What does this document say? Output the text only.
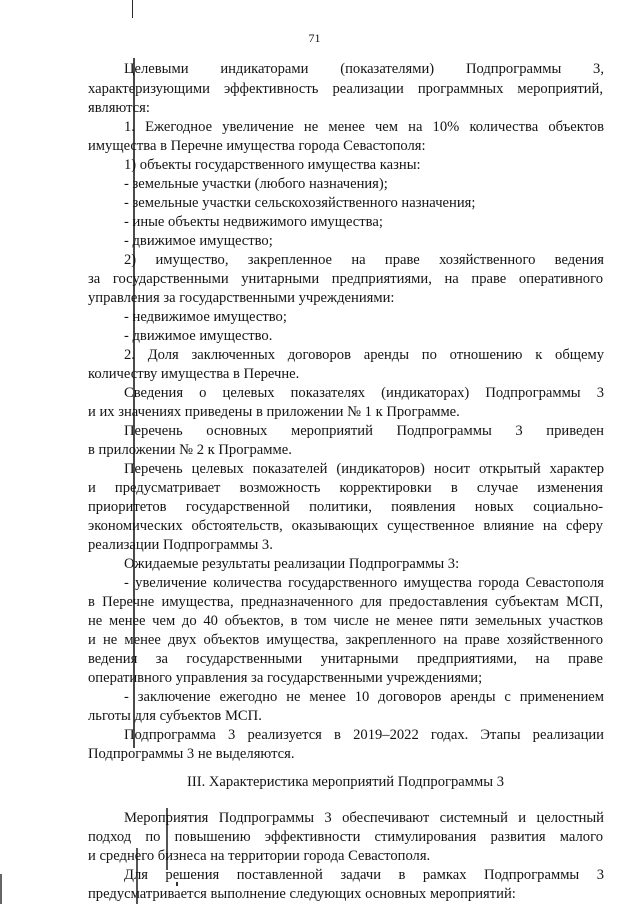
71
Целевыми индикаторами (показателями) Подпрограммы 3,
характеризующими эффективность реализации программных мероприятий,
являются:
1. Ежегодное увеличение не менее чем на 10% количества объектов
имущества в Перечне имущества города Севастополя:
1) объекты государственного имущества казны:
- земельные участки (любого назначения);
- земельные участки сельскохозяйственного назначения;
- иные объекты недвижимого имущества;
- движимое имущество;
2) имущество, закрепленное на праве хозяйственного ведения
за государственными унитарными предприятиями, на праве оперативного
управления за государственными учреждениями:
- недвижимое имущество;
- движимое имущество.
2. Доля заключенных договоров аренды по отношению к общему
количеству имущества в Перечне.
Сведения о целевых показателях (индикаторах) Подпрограммы 3
и их значениях приведены в приложении № 1 к Программе.
Перечень основных мероприятий Подпрограммы 3 приведен
в приложении № 2 к Программе.
Перечень целевых показателей (индикаторов) носит открытый характер
и предусматривает возможность корректировки в случае изменения
приоритетов государственной политики, появления новых социально-
экономических обстоятельств, оказывающих существенное влияние на сферу
реализации Подпрограммы 3.
Ожидаемые результаты реализации Подпрограммы 3:
- увеличение количества государственного имущества города Севастополя
в Перечне имущества, предназначенного для предоставления субъектам МСП,
не менее чем до 40 объектов, в том числе не менее пяти земельных участков
и не менее двух объектов имущества, закрепленного на праве хозяйственного
ведения за государственными унитарными предприятиями, на праве
оперативного управления за государственными учреждениями;
- заключение ежегодно не менее 10 договоров аренды с применением
льготы для субъектов МСП.
Подпрограмма 3 реализуется в 2019–2022 годах. Этапы реализации
Подпрограммы 3 не выделяются.
III. Характеристика мероприятий Подпрограммы 3
Мероприятия Подпрограммы 3 обеспечивают системный и целостный
подход по повышению эффективности стимулирования развития малого
и среднего бизнеса на территории города Севастополя.
Для решения поставленной задачи в рамках Подпрограммы 3
предусматривается выполнение следующих основных мероприятий:
